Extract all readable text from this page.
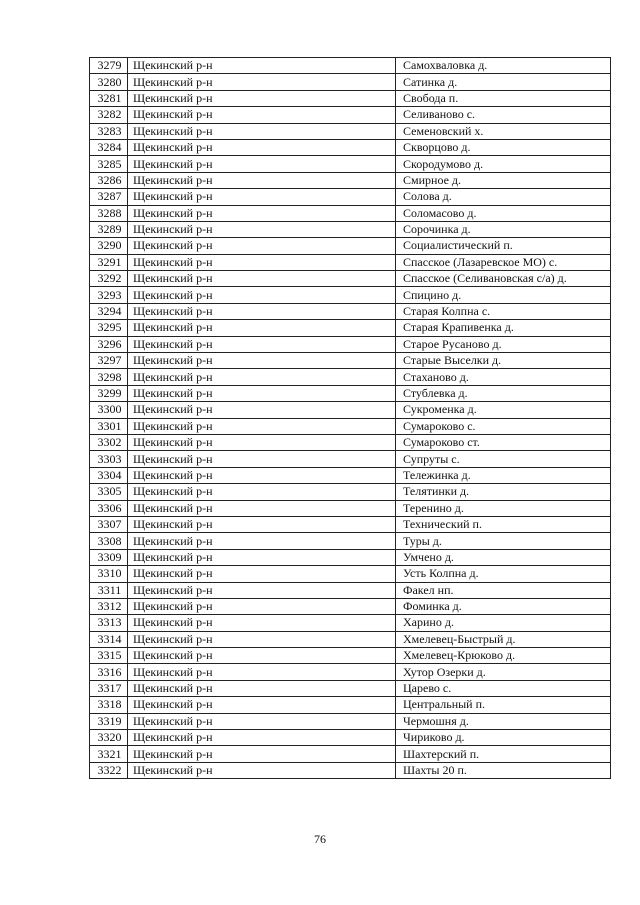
3279	Щекинский р-н	Самохваловка д.
3280	Щекинский р-н	Сатинка д.
3281	Щекинский р-н	Свобода п.
3282	Щекинский р-н	Селиваново с.
3283	Щекинский р-н	Семеновский х.
3284	Щекинский р-н	Скворцово д.
3285	Щекинский р-н	Скородумово д.
3286	Щекинский р-н	Смирное д.
3287	Щекинский р-н	Солова д.
3288	Щекинский р-н	Соломасово д.
3289	Щекинский р-н	Сорочинка д.
3290	Щекинский р-н	Социалистический п.
3291	Щекинский р-н	Спасское (Лазаревское МО) с.
3292	Щекинский р-н	Спасское (Селивановская с/а) д.
3293	Щекинский р-н	Спицино д.
3294	Щекинский р-н	Старая Колпна с.
3295	Щекинский р-н	Старая Крапивенка д.
3296	Щекинский р-н	Старое Русаново д.
3297	Щекинский р-н	Старые Выселки д.
3298	Щекинский р-н	Стаханово д.
3299	Щекинский р-н	Стублевка д.
3300	Щекинский р-н	Сукроменка д.
3301	Щекинский р-н	Сумароково с.
3302	Щекинский р-н	Сумароково ст.
3303	Щекинский р-н	Супруты с.
3304	Щекинский р-н	Тележинка д.
3305	Щекинский р-н	Телятинки д.
3306	Щекинский р-н	Теренино д.
3307	Щекинский р-н	Технический п.
3308	Щекинский р-н	Туры д.
3309	Щекинский р-н	Умчено д.
3310	Щекинский р-н	Усть Колпна д.
3311	Щекинский р-н	Факел нп.
3312	Щекинский р-н	Фоминка д.
3313	Щекинский р-н	Харино д.
3314	Щекинский р-н	Хмелевец-Быстрый д.
3315	Щекинский р-н	Хмелевец-Крюково д.
3316	Щекинский р-н	Хутор Озерки д.
3317	Щекинский р-н	Царево с.
3318	Щекинский р-н	Центральный п.
3319	Щекинский р-н	Чермошня д.
3320	Щекинский р-н	Чириково д.
3321	Щекинский р-н	Шахтерский п.
3322	Щекинский р-н	Шахты 20 п.
76
